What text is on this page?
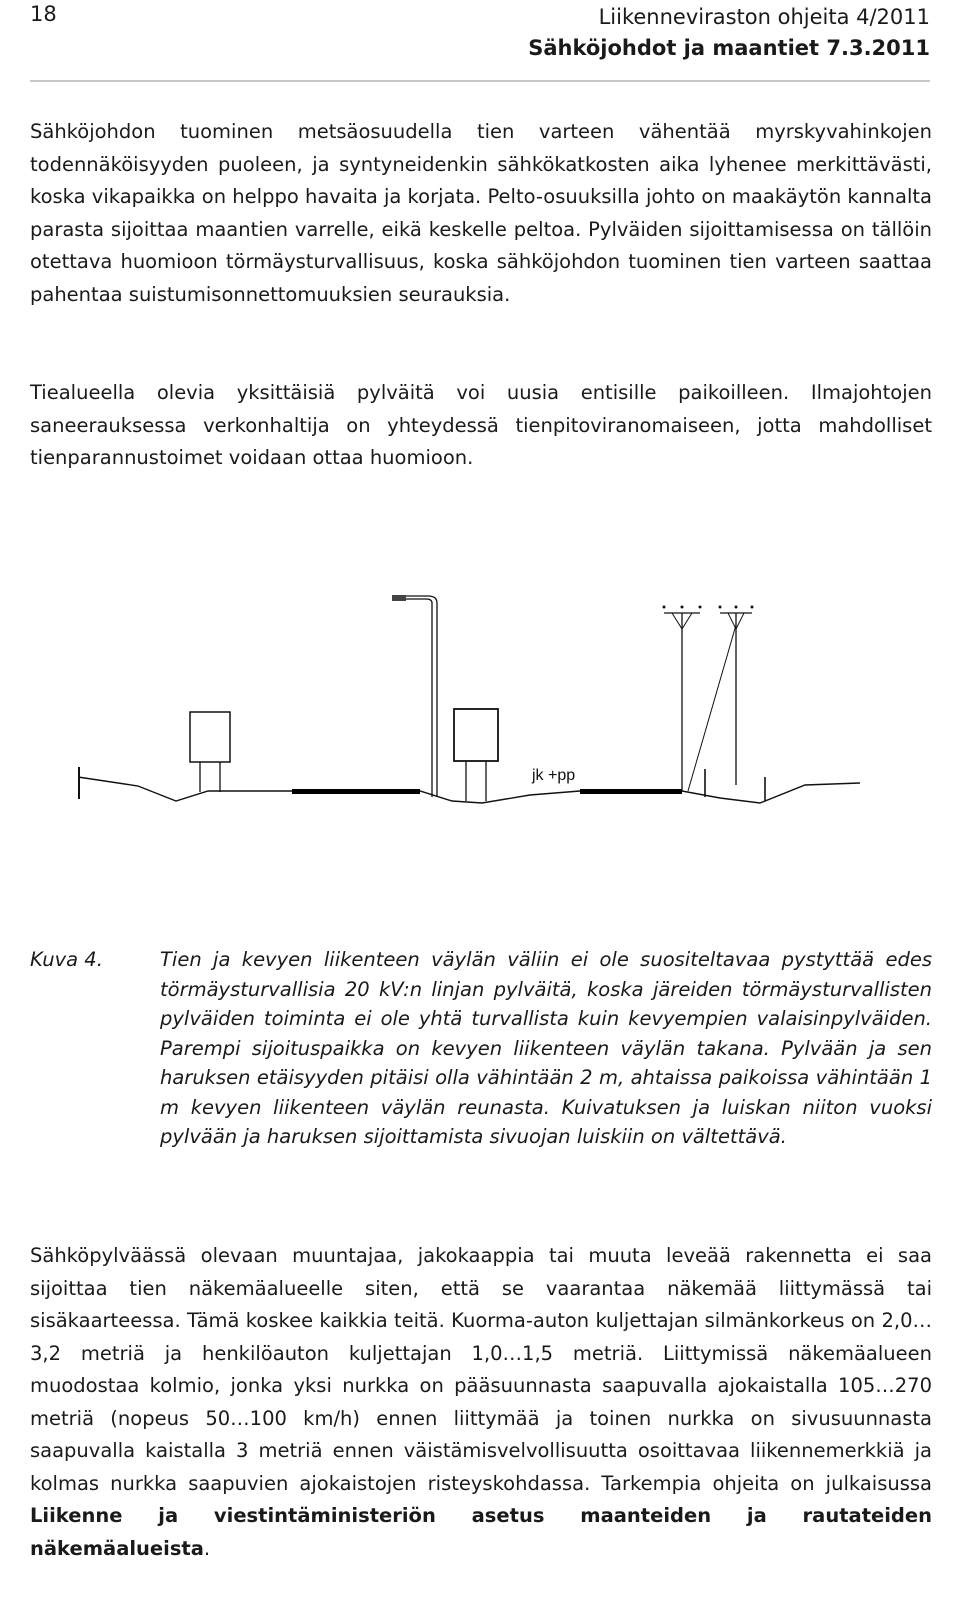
18	Liikenneviraston ohjeita 4/2011
Sähköjohdot ja maantiet 7.3.2011

Sähköjohdon tuominen metsäosuudella tien varteen vähentää myrskyvahinkojen todennäköisyyden puoleen, ja syntyneidenkin sähkökatkosten aika lyhenee merkittävästi, koska vikapaikka on helppo havaita ja korjata. Pelto-osuuksilla johto on maakäytön kannalta parasta sijoittaa maantien varrelle, eikä keskelle peltoa. Pylväiden sijoittamisessa on tällöin otettava huomioon törmäysturvallisuus, koska sähköjohdon tuominen tien varteen saattaa pahentaa suistumisonnettomuuksien seurauksia.

Tiealueella olevia yksittäisiä pylväitä voi uusia entisille paikoilleen. Ilmajohtojen saneerauksessa verkonhaltija on yhteydessä tienpitoviranomaiseen, jotta mahdolliset tienparannustoimet voidaan ottaa huomioon.

jk +pp
Kuva 4.	Tien ja kevyen liikenteen väylän väliin ei ole suositeltavaa pystyttää edes törmäysturvallisia 20 kV:n linjan pylväitä, koska järeiden törmäysturvallisten pylväiden toiminta ei ole yhtä turvallista kuin kevyempien valaisinpylväiden. Parempi sijoituspaikka on kevyen liikenteen väylän takana. Pylvään ja sen haruksen etäisyyden pitäisi olla vähintään 2 m, ahtaissa paikoissa vähintään 1 m kevyen liikenteen väylän reunasta. Kuivatuksen ja luiskan niiton vuoksi pylvään ja haruksen sijoittamista sivuojan luiskiin on vältettävä.

Sähköpylväässä olevaan muuntajaa, jakokaappia tai muuta leveää rakennetta ei saa sijoittaa tien näkemäalueelle siten, että se vaarantaa näkemää liittymässä tai sisäkaarteessa. Tämä koskee kaikkia teitä. Kuorma-auton kuljettajan silmänkorkeus on 2,0…3,2 metriä ja henkilöauton kuljettajan 1,0…1,5 metriä. Liittymissä näkemäalueen muodostaa kolmio, jonka yksi nurkka on pääsuunnasta saapuvalla ajokaistalla 105…270 metriä (nopeus 50…100 km/h) ennen liittymää ja toinen nurkka on sivusuunnasta saapuvalla kaistalla 3 metriä ennen väistämisvelvollisuutta osoittavaa liikennemerkkiä ja kolmas nurkka saapuvien ajokaistojen risteyskohdassa. Tarkempia ohjeita on julkaisussa Liikenne ja viestintäministeriön asetus maanteiden ja rautateiden näkemäalueista.
